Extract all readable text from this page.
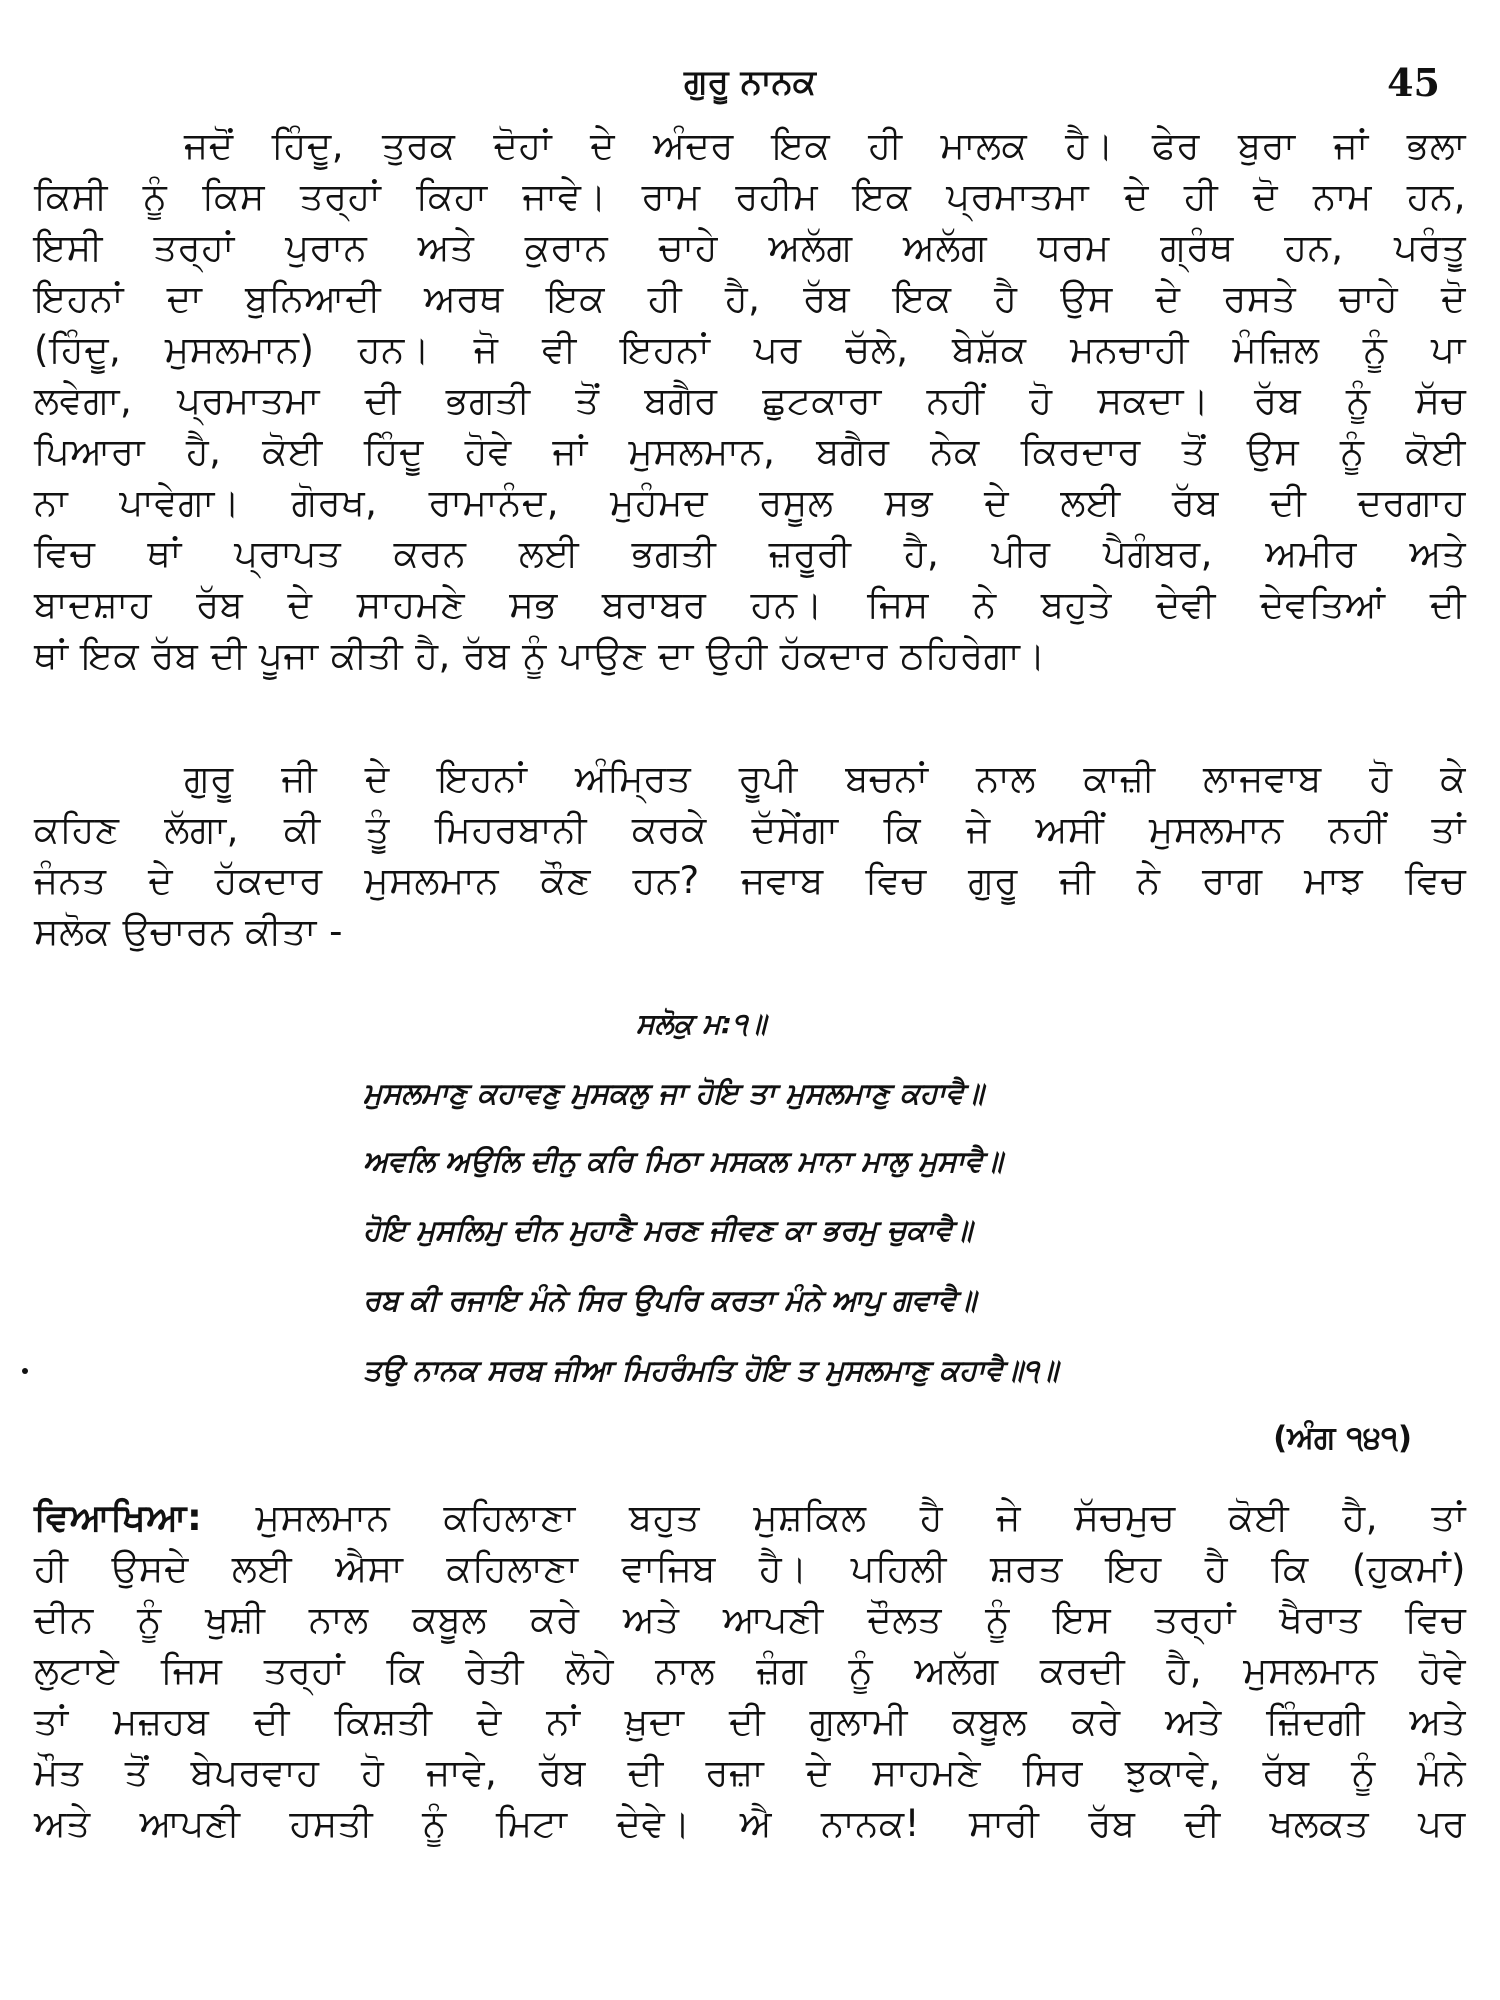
ਗੁਰੂ ਨਾਨਕ	45
ਜਦੋਂ ਹਿੰਦੂ, ਤੁਰਕ ਦੋਹਾਂ ਦੇ ਅੰਦਰ ਇਕ ਹੀ ਮਾਲਕ ਹੈ। ਫੇਰ ਬੁਰਾ ਜਾਂ ਭਲਾ
ਕਿਸੀ ਨੂੰ ਕਿਸ ਤਰ੍ਹਾਂ ਕਿਹਾ ਜਾਵੇ। ਰਾਮ ਰਹੀਮ ਇਕ ਪ੍ਰਮਾਤਮਾ ਦੇ ਹੀ ਦੋ ਨਾਮ ਹਨ,
ਇਸੀ ਤਰ੍ਹਾਂ ਪੁਰਾਨ ਅਤੇ ਕੁਰਾਨ ਚਾਹੇ ਅਲੱਗ ਅਲੱਗ ਧਰਮ ਗ੍ਰੰਥ ਹਨ, ਪਰੰਤੂ
ਇਹਨਾਂ ਦਾ ਬੁਨਿਆਦੀ ਅਰਥ ਇਕ ਹੀ ਹੈ, ਰੱਬ ਇਕ ਹੈ ਉਸ ਦੇ ਰਸਤੇ ਚਾਹੇ ਦੋ
(ਹਿੰਦੂ, ਮੁਸਲਮਾਨ) ਹਨ। ਜੋ ਵੀ ਇਹਨਾਂ ਪਰ ਚੱਲੇ, ਬੇਸ਼ੱਕ ਮਨਚਾਹੀ ਮੰਜ਼ਿਲ ਨੂੰ ਪਾ
ਲਵੇਗਾ, ਪ੍ਰਮਾਤਮਾ ਦੀ ਭਗਤੀ ਤੋਂ ਬਗੈਰ ਛੁਟਕਾਰਾ ਨਹੀਂ ਹੋ ਸਕਦਾ। ਰੱਬ ਨੂੰ ਸੱਚ
ਪਿਆਰਾ ਹੈ, ਕੋਈ ਹਿੰਦੂ ਹੋਵੇ ਜਾਂ ਮੁਸਲਮਾਨ, ਬਗੈਰ ਨੇਕ ਕਿਰਦਾਰ ਤੋਂ ਉਸ ਨੂੰ ਕੋਈ
ਨਾ ਪਾਵੇਗਾ। ਗੋਰਖ, ਰਾਮਾਨੰਦ, ਮੁਹੰਮਦ ਰਸੂਲ ਸਭ ਦੇ ਲਈ ਰੱਬ ਦੀ ਦਰਗਾਹ
ਵਿਚ ਥਾਂ ਪ੍ਰਾਪਤ ਕਰਨ ਲਈ ਭਗਤੀ ਜ਼ਰੂਰੀ ਹੈ, ਪੀਰ ਪੈਗੰਬਰ, ਅਮੀਰ ਅਤੇ
ਬਾਦਸ਼ਾਹ ਰੱਬ ਦੇ ਸਾਹਮਣੇ ਸਭ ਬਰਾਬਰ ਹਨ। ਜਿਸ ਨੇ ਬਹੁਤੇ ਦੇਵੀ ਦੇਵਤਿਆਂ ਦੀ
ਥਾਂ ਇਕ ਰੱਬ ਦੀ ਪੂਜਾ ਕੀਤੀ ਹੈ, ਰੱਬ ਨੂੰ ਪਾਉਣ ਦਾ ਉਹੀ ਹੱਕਦਾਰ ਠਹਿਰੇਗਾ।
ਗੁਰੂ ਜੀ ਦੇ ਇਹਨਾਂ ਅੰਮ੍ਰਿਤ ਰੂਪੀ ਬਚਨਾਂ ਨਾਲ ਕਾਜ਼ੀ ਲਾਜਵਾਬ ਹੋ ਕੇ
ਕਹਿਣ ਲੱਗਾ, ਕੀ ਤੂੰ ਮਿਹਰਬਾਨੀ ਕਰਕੇ ਦੱਸੇਂਗਾ ਕਿ ਜੇ ਅਸੀਂ ਮੁਸਲਮਾਨ ਨਹੀਂ ਤਾਂ
ਜੰਨਤ ਦੇ ਹੱਕਦਾਰ ਮੁਸਲਮਾਨ ਕੌਣ ਹਨ? ਜਵਾਬ ਵਿਚ ਗੁਰੂ ਜੀ ਨੇ ਰਾਗ ਮਾਝ ਵਿਚ
ਸਲੋਕ ਉਚਾਰਨ ਕੀਤਾ -
ਸਲੋਕੁ ਮ:੧॥
ਮੁਸਲਮਾਣੁ ਕਹਾਵਣੁ ਮੁਸਕਲੁ ਜਾ ਹੋਇ ਤਾ ਮੁਸਲਮਾਣੁ ਕਹਾਵੈ॥
ਅਵਲਿ ਅਉਲਿ ਦੀਨੁ ਕਰਿ ਮਿਠਾ ਮਸਕਲ ਮਾਨਾ ਮਾਲੁ ਮੁਸਾਵੈ॥
ਹੋਇ ਮੁਸਲਿਮੁ ਦੀਨ ਮੁਹਾਣੈ ਮਰਣ ਜੀਵਣ ਕਾ ਭਰਮੁ ਚੁਕਾਵੈ॥
ਰਬ ਕੀ ਰਜਾਇ ਮੰਨੇ ਸਿਰ ਉਪਰਿ ਕਰਤਾ ਮੰਨੇ ਆਪੁ ਗਵਾਵੈ॥
ਤਉ ਨਾਨਕ ਸਰਬ ਜੀਆ ਮਿਹਰੰਮਤਿ ਹੋਇ ਤ ਮੁਸਲਮਾਣੁ ਕਹਾਵੈ॥੧॥
(ਅੰਗ ੧੪੧)
ਵਿਆਖਿਆ: ਮੁਸਲਮਾਨ ਕਹਿਲਾਣਾ ਬਹੁਤ ਮੁਸ਼ਕਿਲ ਹੈ ਜੇ ਸੱਚਮੁਚ ਕੋਈ ਹੈ, ਤਾਂ
ਹੀ ਉਸਦੇ ਲਈ ਐਸਾ ਕਹਿਲਾਣਾ ਵਾਜਿਬ ਹੈ। ਪਹਿਲੀ ਸ਼ਰਤ ਇਹ ਹੈ ਕਿ (ਹੁਕਮਾਂ)
ਦੀਨ ਨੂੰ ਖੁਸ਼ੀ ਨਾਲ ਕਬੂਲ ਕਰੇ ਅਤੇ ਆਪਣੀ ਦੌਲਤ ਨੂੰ ਇਸ ਤਰ੍ਹਾਂ ਖੈਰਾਤ ਵਿਚ
ਲੁਟਾਏ ਜਿਸ ਤਰ੍ਹਾਂ ਕਿ ਰੇਤੀ ਲੋਹੇ ਨਾਲ ਜ਼ੰਗ ਨੂੰ ਅਲੱਗ ਕਰਦੀ ਹੈ, ਮੁਸਲਮਾਨ ਹੋਵੇ
ਤਾਂ ਮਜ਼ਹਬ ਦੀ ਕਿਸ਼ਤੀ ਦੇ ਨਾਂ ਖ਼ੁਦਾ ਦੀ ਗੁਲਾਮੀ ਕਬੂਲ ਕਰੇ ਅਤੇ ਜ਼ਿੰਦਗੀ ਅਤੇ
ਮੌਤ ਤੋਂ ਬੇਪਰਵਾਹ ਹੋ ਜਾਵੇ, ਰੱਬ ਦੀ ਰਜ਼ਾ ਦੇ ਸਾਹਮਣੇ ਸਿਰ ਝੁਕਾਵੇ, ਰੱਬ ਨੂੰ ਮੰਨੇ
ਅਤੇ ਆਪਣੀ ਹਸਤੀ ਨੂੰ ਮਿਟਾ ਦੇਵੇ। ਐ ਨਾਨਕ! ਸਾਰੀ ਰੱਬ ਦੀ ਖਲਕਤ ਪਰ
